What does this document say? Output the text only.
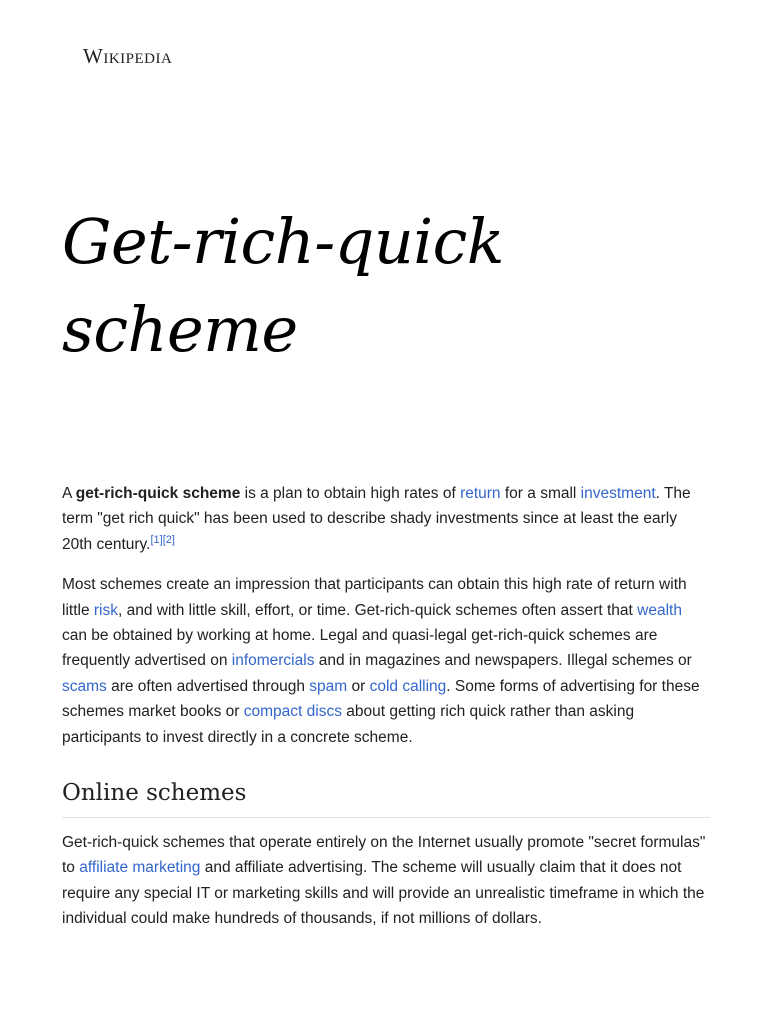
Wikipedia
Get-rich-quick scheme

A get-rich-quick scheme is a plan to obtain high rates of return for a small investment. The term "get rich quick" has been used to describe shady investments since at least the early 20th century.[1][2]

Most schemes create an impression that participants can obtain this high rate of return with little risk, and with little skill, effort, or time. Get-rich-quick schemes often assert that wealth can be obtained by working at home. Legal and quasi-legal get-rich-quick schemes are frequently advertised on infomercials and in magazines and newspapers. Illegal schemes or scams are often advertised through spam or cold calling. Some forms of advertising for these schemes market books or compact discs about getting rich quick rather than asking participants to invest directly in a concrete scheme.

Online schemes

Get-rich-quick schemes that operate entirely on the Internet usually promote "secret formulas" to affiliate marketing and affiliate advertising. The scheme will usually claim that it does not require any special IT or marketing skills and will provide an unrealistic timeframe in which the individual could make hundreds of thousands, if not millions of dollars.
